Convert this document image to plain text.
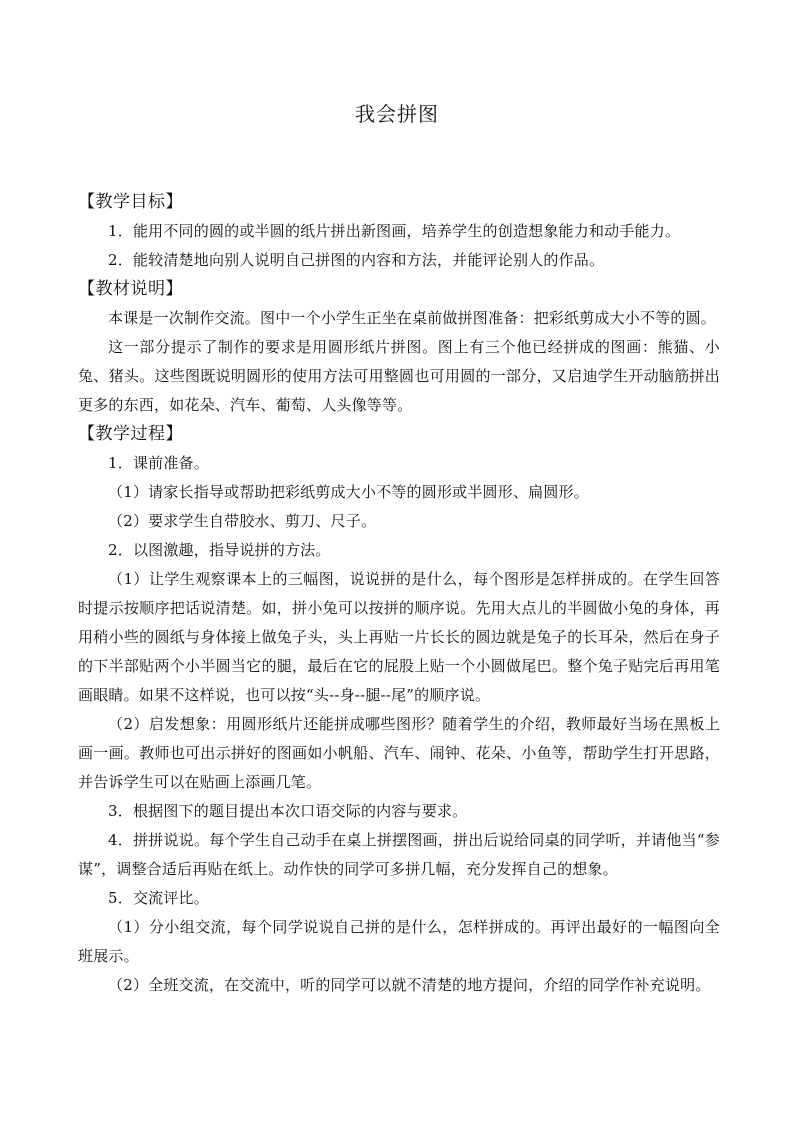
我会拼图
【教学目标】

1．能用不同的圆的或半圆的纸片拼出新图画，培养学生的创造想象能力和动手能力。

2．能较清楚地向别人说明自己拼图的内容和方法，并能评论别人的作品。

【教材说明】

本课是一次制作交流。图中一个小学生正坐在桌前做拼图准备：把彩纸剪成大小不等的圆。

这一部分提示了制作的要求是用圆形纸片拼图。图上有三个他已经拼成的图画：熊猫、小兔、猪头。这些图既说明圆形的使用方法可用整圆也可用圆的一部分，又启迪学生开动脑筋拼出更多的东西，如花朵、汽车、葡萄、人头像等等。

【教学过程】

1．课前准备。

（1）请家长指导或帮助把彩纸剪成大小不等的圆形或半圆形、扁圆形。

（2）要求学生自带胶水、剪刀、尺子。

2．以图激趣，指导说拼的方法。

（1）让学生观察课本上的三幅图，说说拼的是什么，每个图形是怎样拼成的。在学生回答时提示按顺序把话说清楚。如，拼小兔可以按拼的顺序说。先用大点儿的半圆做小兔的身体，再用稍小些的圆纸与身体接上做兔子头，头上再贴一片长长的圆边就是兔子的长耳朵，然后在身子的下半部贴两个小半圆当它的腿，最后在它的屁股上贴一个小圆做尾巴。整个兔子贴完后再用笔画眼睛。如果不这样说，也可以按“头--身--腿--尾”的顺序说。

（2）启发想象：用圆形纸片还能拼成哪些图形？随着学生的介绍，教师最好当场在黑板上画一画。教师也可出示拼好的图画如小帆船、汽车、闹钟、花朵、小鱼等，帮助学生打开思路，并告诉学生可以在贴画上添画几笔。

3．根据图下的题目提出本次口语交际的内容与要求。

4．拼拼说说。每个学生自己动手在桌上拼摆图画，拼出后说给同桌的同学听，并请他当“参谋”，调整合适后再贴在纸上。动作快的同学可多拼几幅，充分发挥自己的想象。

5．交流评比。

（1）分小组交流，每个同学说说自己拼的是什么，怎样拼成的。再评出最好的一幅图向全班展示。

（2）全班交流，在交流中，听的同学可以就不清楚的地方提问，介绍的同学作补充说明。
